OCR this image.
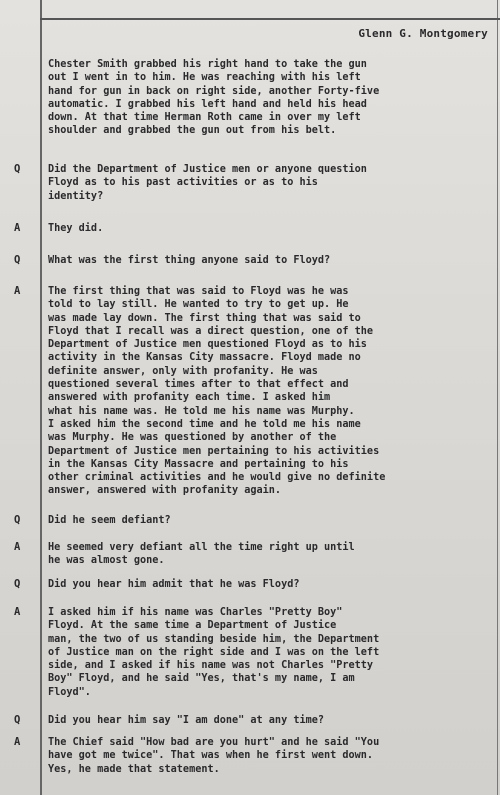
Glenn G. Montgomery
Chester Smith grabbed his right hand to take the gun
out I went in to him. He was reaching with his left
hand for gun in back on right side, another Forty-five
automatic. I grabbed his left hand and held his head
down. At that time Herman Roth came in over my left
shoulder and grabbed the gun out from his belt.
Q	Did the Department of Justice men or anyone question
Floyd as to his past activities or as to his
identity?
A	They did.
Q	What was the first thing anyone said to Floyd?
A	The first thing that was said to Floyd was he was
told to lay still. He wanted to try to get up. He
was made lay down. The first thing that was said to
Floyd that I recall was a direct question, one of the
Department of Justice men questioned Floyd as to his
activity in the Kansas City massacre. Floyd made no
definite answer, only with profanity. He was
questioned several times after to that effect and
answered with profanity each time. I asked him
what his name was. He told me his name was Murphy.
I asked him the second time and he told me his name
was Murphy. He was questioned by another of the
Department of Justice men pertaining to his activities
in the Kansas City Massacre and pertaining to his
other criminal activities and he would give no definite
answer, answered with profanity again.
Q	Did he seem defiant?
A	He seemed very defiant all the time right up until
he was almost gone.
Q	Did you hear him admit that he was Floyd?
A	I asked him if his name was Charles "Pretty Boy"
Floyd. At the same time a Department of Justice
man, the two of us standing beside him, the Department
of Justice man on the right side and I was on the left
side, and I asked if his name was not Charles "Pretty
Boy" Floyd, and he said "Yes, that's my name, I am
Floyd".
Q	Did you hear him say "I am done" at any time?
A	The Chief said "How bad are you hurt" and he said "You
have got me twice". That was when he first went down.
Yes, he made that statement.
